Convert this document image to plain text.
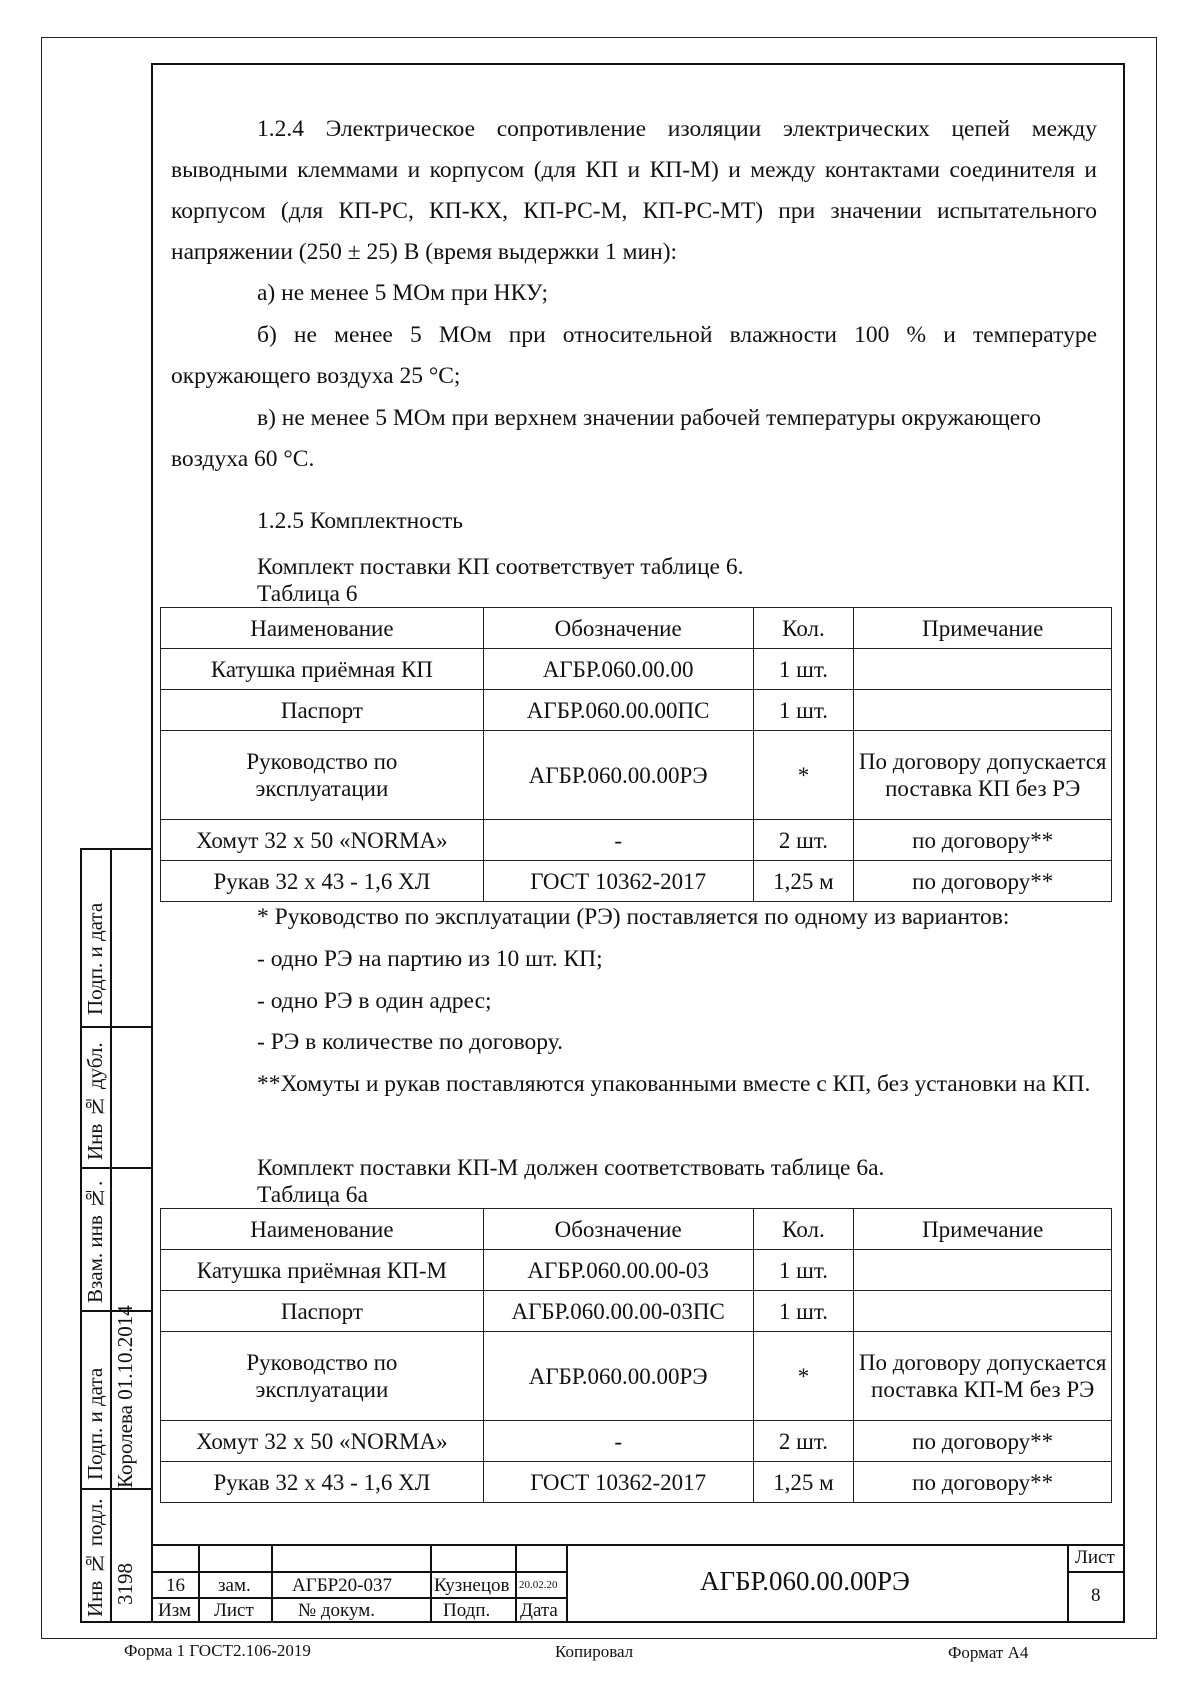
1.2.4 Электрическое сопротивление изоляции электрических цепей между выводными клеммами и корпусом (для КП и КП-М) и между контактами соединителя и корпусом (для КП-РС, КП-КХ, КП-РС-М, КП-РС-МТ) при значении испытательного напряжении (250 ± 25) В (время выдержки 1 мин):
а) не менее 5 МОм при НКУ;
б) не менее 5 МОм при относительной влажности 100 % и температуре окружающего воздуха 25 °С;
в) не менее 5 МОм при верхнем значении рабочей температуры окружающего воздуха 60 °С.
1.2.5 Комплектность
Комплект поставки КП соответствует таблице 6.
Таблица 6
Наименование	Обозначение	Кол.	Примечание
Катушка приёмная КП	АГБР.060.00.00	1 шт.	
Паспорт	АГБР.060.00.00ПС	1 шт.	
Руководство по эксплуатации	АГБР.060.00.00РЭ	*	По договору допускается поставка КП без РЭ
Хомут 32 х 50 «NORMA»	-	2 шт.	по договору**
Рукав 32 х 43 - 1,6 ХЛ	ГОСТ 10362-2017	1,25 м	по договору**
* Руководство по эксплуатации (РЭ) поставляется по одному из вариантов:
- одно РЭ на партию из 10 шт. КП;
- одно РЭ в один адрес;
- РЭ в количестве по договору.
**Хомуты и рукав поставляются упакованными вместе с КП, без установки на КП.
Комплект поставки КП-М должен соответствовать таблице 6а.
Таблица 6а
Наименование	Обозначение	Кол.	Примечание
Катушка приёмная КП-М	АГБР.060.00.00-03	1 шт.	
Паспорт	АГБР.060.00.00-03ПС	1 шт.	
Руководство по эксплуатации	АГБР.060.00.00РЭ	*	По договору допускается поставка КП-М без РЭ
Хомут 32 х 50 «NORMA»	-	2 шт.	по договору**
Рукав 32 х 43 - 1,6 ХЛ	ГОСТ 10362-2017	1,25 м	по договору**
Подп. и дата
Инв № дубл.
Взам. инв №.
Подп. и дата Королева 01.10.2014
Инв № подл. 3198 16 зам. АГБР20-037 Кузнецов 20.02.20
Изм Лист № докум.	Подп. Дата
АГБР.060.00.00РЭ
Лист
8
Форма 1 ГОСТ2.106-2019	Копировал	Формат А4
